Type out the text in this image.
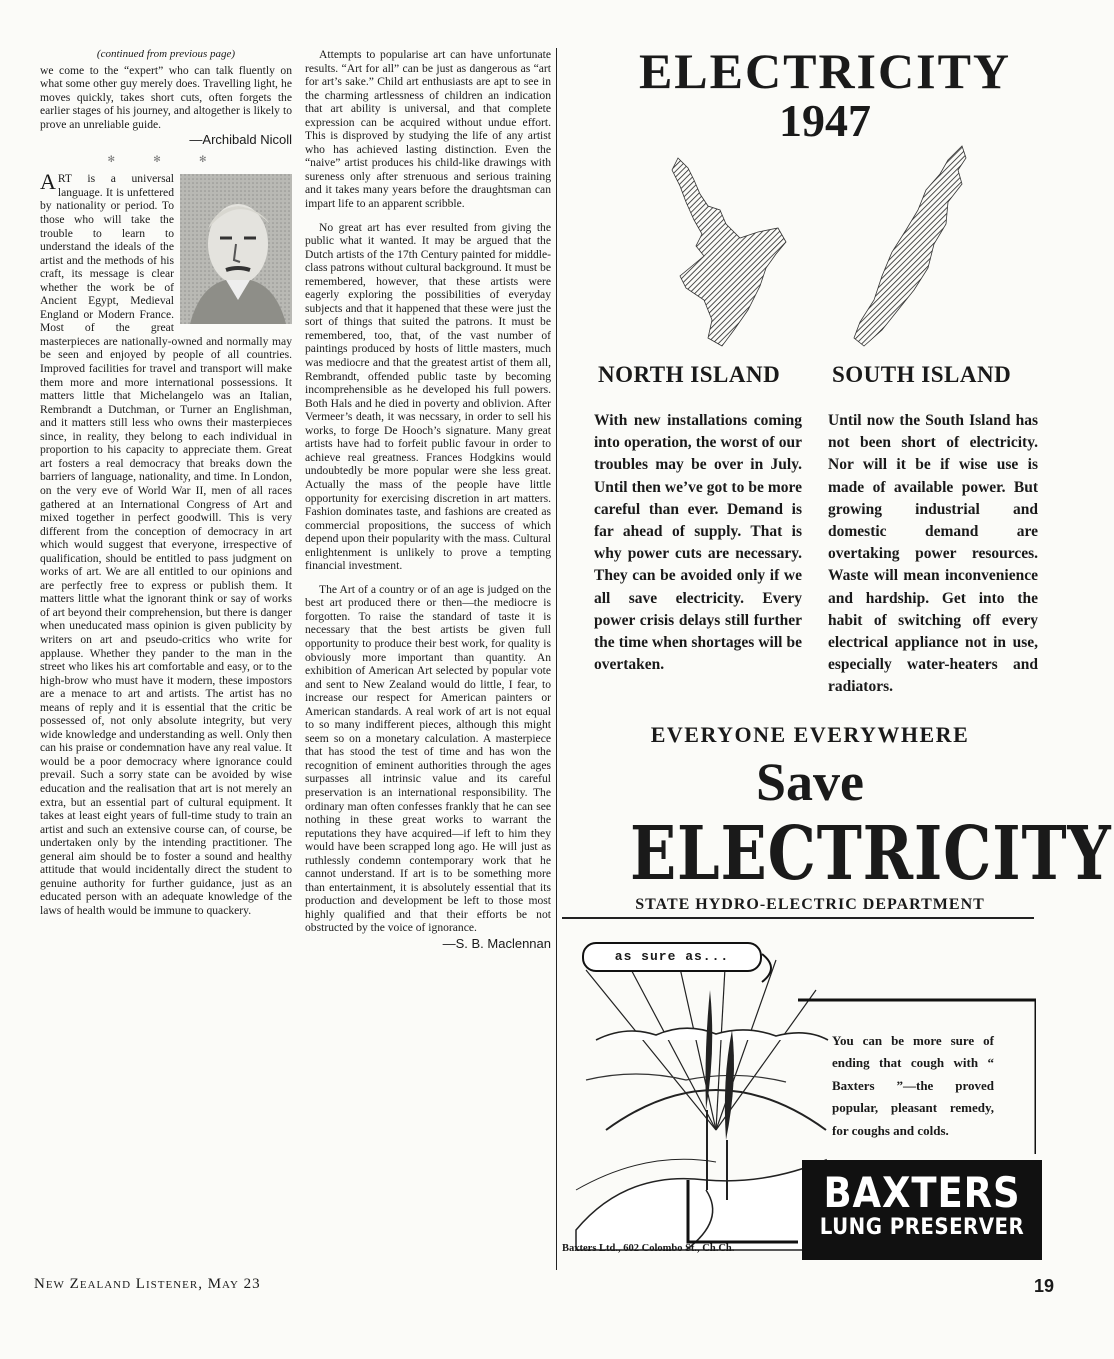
(continued from previous page)

we come to the “expert” who can talk fluently on what some other guy merely does. Travelling light, he moves quickly, takes short cuts, often forgets the earlier stages of his journey, and altogether is likely to prove an unreliable guide.

—Archibald Nicoll

✻ ✻ ✻

ART is a universal language. It is unfettered by nationality or period. To those who will take the trouble to learn to understand the ideals of the artist and the methods of his craft, its message is clear whether the work be of Ancient Egypt, Medieval England or Modern France. Most of the great masterpieces are nationally-owned and normally may be seen and enjoyed by people of all countries. Improved facilities for travel and transport will make them more and more international possessions. It matters little that Michelangelo was an Italian, Rembrandt a Dutchman, or Turner an Englishman, and it matters still less who owns their masterpieces since, in reality, they belong to each individual in proportion to his capacity to appreciate them. Great art fosters a real democracy that breaks down the barriers of language, nationality, and time. In London, on the very eve of World War II, men of all races gathered at an International Congress of Art and mixed together in perfect goodwill. This is very different from the conception of democracy in art which would suggest that everyone, irrespective of qualification, should be entitled to pass judgment on works of art. We are all entitled to our opinions and are perfectly free to express or publish them. It matters little what the ignorant think or say of works of art beyond their comprehension, but there is danger when uneducated mass opinion is given publicity by writers on art and pseudo-critics who write for applause. Whether they pander to the man in the street who likes his art comfortable and easy, or to the high-brow who must have it modern, these impostors are a menace to art and artists. The artist has no means of reply and it is essential that the critic be possessed of, not only absolute integrity, but very wide knowledge and understanding as well. Only then can his praise or condemnation have any real value. It would be a poor democracy where ignorance could prevail. Such a sorry state can be avoided by wise education and the realisation that art is not merely an extra, but an essential part of cultural equipment. It takes at least eight years of full-time study to train an artist and such an extensive course can, of course, be undertaken only by the intending practitioner. The general aim should be to foster a sound and healthy attitude that would incidentally direct the student to genuine authority for further guidance, just as an educated person with an adequate knowledge of the laws of health would be immune to quackery.

Attempts to popularise art can have unfortunate results. “Art for all” can be just as dangerous as “art for art’s sake.” Child art enthusiasts are apt to see in the charming artlessness of children an indication that art ability is universal, and that complete expression can be acquired without undue effort. This is disproved by studying the life of any artist who has achieved lasting distinction. Even the “naive” artist produces his child-like drawings with sureness only after strenuous and serious training and it takes many years before the draughtsman can impart life to an apparent scribble.

No great art has ever resulted from giving the public what it wanted. It may be argued that the Dutch artists of the 17th Century painted for middle-class patrons without cultural background. It must be remembered, however, that these artists were eagerly exploring the possibilities of everyday subjects and that it happened that these were just the sort of things that suited the patrons. It must be remembered, too, that, of the vast number of paintings produced by hosts of little masters, much was mediocre and that the greatest artist of them all, Rembrandt, offended public taste by becoming incomprehensible as he developed his full powers. Both Hals and he died in poverty and oblivion. After Vermeer’s death, it was necssary, in order to sell his works, to forge De Hooch’s signature. Many great artists have had to forfeit public favour in order to achieve real greatness. Frances Hodgkins would undoubtedly be more popular were she less great. Actually the mass of the people have little opportunity for exercising discretion in art matters. Fashion dominates taste, and fashions are created as commercial propositions, the success of which depend upon their popularity with the mass. Cultural enlightenment is unlikely to prove a tempting financial investment.

The Art of a country or of an age is judged on the best art produced there or then—the mediocre is forgotten. To raise the standard of taste it is necessary that the best artists be given full opportunity to produce their best work, for quality is obviously more important than quantity. An exhibition of American Art selected by popular vote and sent to New Zealand would do little, I fear, to increase our respect for American painters or American standards. A real work of art is not equal to so many indifferent pieces, although this might seem so on a monetary calculation. A masterpiece that has stood the test of time and has won the recognition of eminent authorities through the ages surpasses all intrinsic value and its careful preservation is an international responsibility. The ordinary man often confesses frankly that he can see nothing in these great works to warrant the reputations they have acquired—if left to him they would have been scrapped long ago. He will just as ruthlessly condemn contemporary work that he cannot understand. If art is to be something more than entertainment, it is absolutely essential that its production and development be left to those most highly qualified and that their efforts be not obstructed by the voice of ignorance.

—S. B. Maclennan

New Zealand Listener, May 23	19
ELECTRICITY
1947
NORTH ISLAND SOUTH ISLAND
With new installations coming into operation, the worst of our troubles may be over in July. Until then we’ve got to be more careful than ever. Demand is far ahead of supply. That is why power cuts are necessary. They can be avoided only if we all save electricity. Every power crisis delays still further the time when shortages will be overtaken.
Until now the South Island has not been short of electricity. Nor will it be if wise use is made of available power. But growing industrial and domestic demand are overtaking power resources. Waste will mean inconvenience and hardship. Get into the habit of switching off every electrical appliance not in use, especially water-heaters and radiators.
EVERYONE EVERYWHERE
Save
ELECTRICITY
STATE HYDRO-ELECTRIC DEPARTMENT
as sure as...
You can be more sure of ending that cough with “ Baxters ”—the proved popular, pleasant remedy, for coughs and colds.
BAXTERS
LUNG PRESERVER
Baxters Ltd., 602 Colombo St., Ch.Ch.
